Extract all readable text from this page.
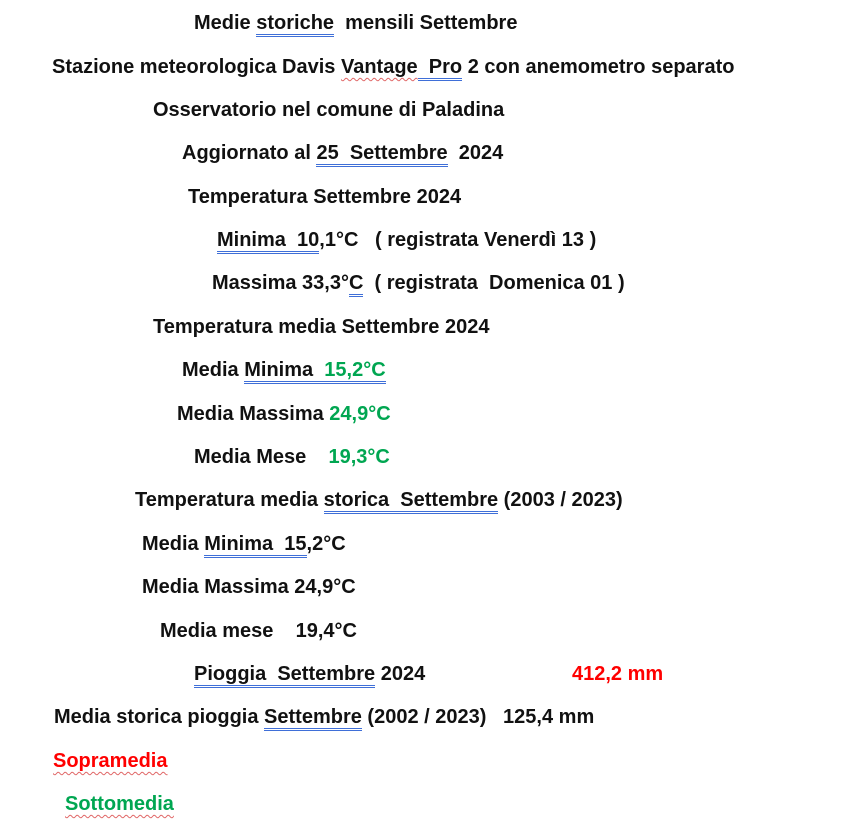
Medie storiche  mensili Settembre
Stazione meteorologica Davis Vantage  Pro 2 con anemometro separato
Osservatorio nel comune di Paladina
Aggiornato al 25  Settembre  2024
Temperatura Settembre 2024
Minima  10,1°C   ( registrata Venerdì 13 )
Massima 33,3°C  ( registrata  Domenica 01 )
Temperatura media Settembre 2024
Media Minima  15,2°C
Media Massima 24,9°C
Media Mese    19,3°C
Temperatura media storica  Settembre (2003 / 2023)
Media Minima  15,2°C
Media Massima 24,9°C
Media mese    19,4°C
Pioggia  Settembre 2024	412,2 mm
Media storica pioggia Settembre (2002 / 2023)   125,4 mm
Sopramedia
Sottomedia
